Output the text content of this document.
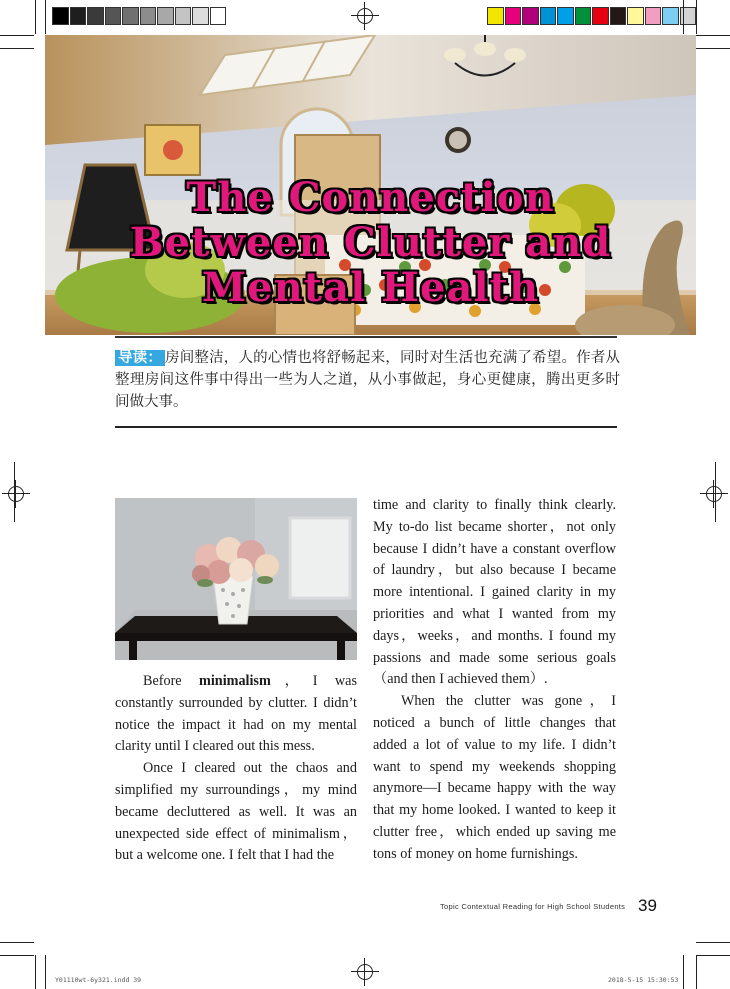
The Connection
Between Clutter and
Mental Health
导读： 房间整洁，人的心情也将舒畅起来，同时对生活也充满了希望。作者从整理房间这件事中得出一些为人之道，从小事做起，身心更健康，腾出更多时间做大事。

Before minimalism，I was constantly surrounded by clutter. I didn’t notice the impact it had on my mental clarity until I cleared out this mess.

Once I cleared out the chaos and simplified my surroundings，my mind became decluttered as well. It was an unexpected side effect of minimalism，but a welcome one. I felt that I had the

time and clarity to finally think clearly. My to-do list became shorter，not only because I didn’t have a constant overflow of laundry，but also because I became more intentional. I gained clarity in my priorities and what I wanted from my days，weeks，and months. I found my passions and made some serious goals（and then I achieved them）.

When the clutter was gone，I noticed a bunch of little changes that added a lot of value to my life. I didn’t want to spend my weekends shopping anymore—I became happy with the way that my home looked. I wanted to keep it clutter free，which ended up saving me tons of money on home furnishings.

Topic Contextual Reading for High School Students 39
Y01110wt-6y321.indd 39	2018-5-15 15:30:53
